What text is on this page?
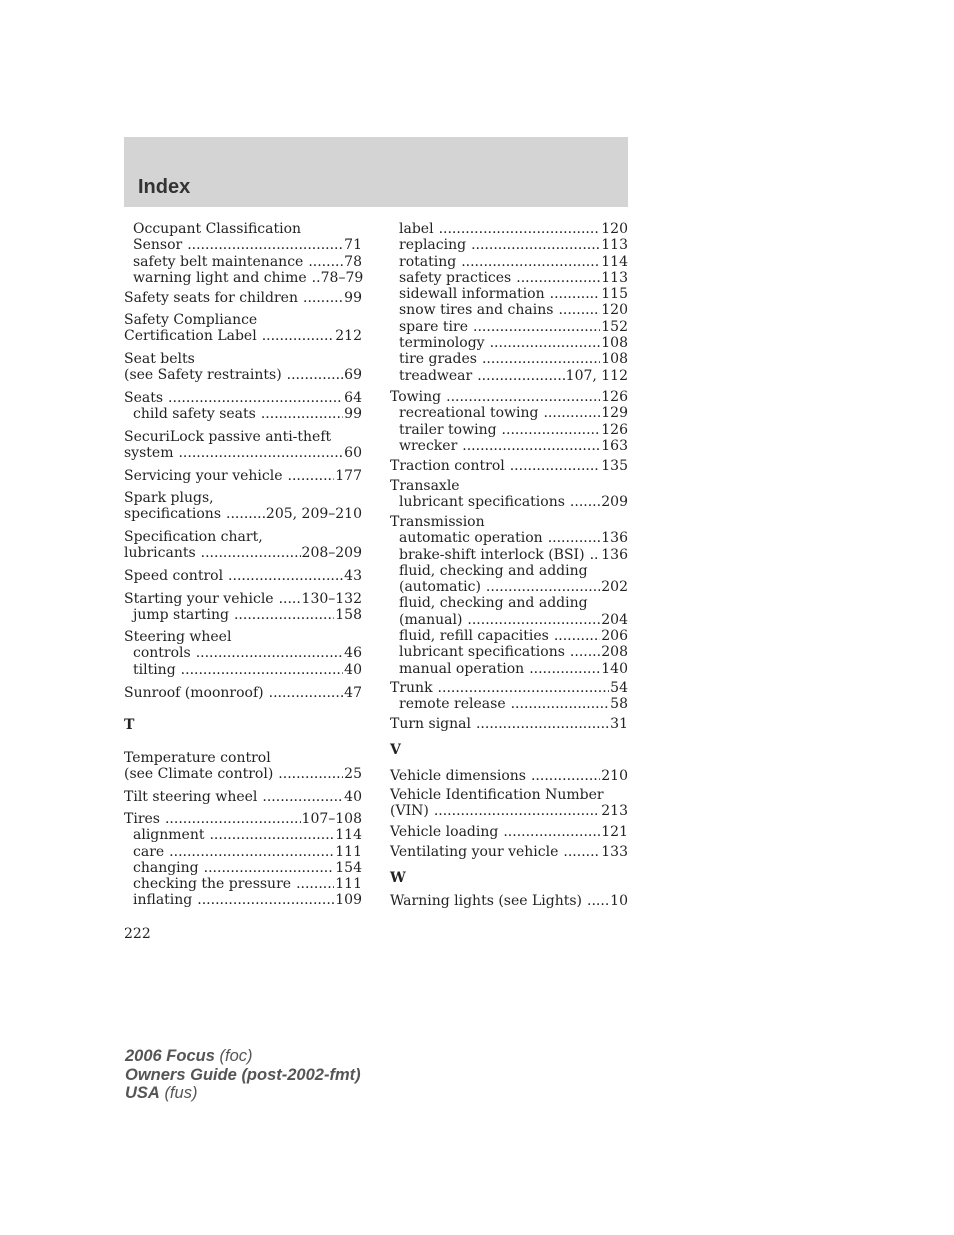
Index
Occupant Classification
Sensor .....	71
safety belt maintenance .....	78
warning light and chime ..... 78–79
Safety seats for children .....	99
Safety Compliance
Certification Label .....	212
Seat belts
(see Safety restraints) .....	69
Seats .....	64
child safety seats .....	99
SecuriLock passive anti-theft
system .....	60
Servicing your vehicle .....	177
Spark plugs,
specifications .....	205, 209–210
Specification chart,
lubricants .....	208–209
Speed control .....	43
Starting your vehicle ..... 130–132
jump starting .....	158
Steering wheel
controls .....	46
tilting .....	40
Sunroof (moonroof) .....	47
T
Temperature control
(see Climate control) .....	25
Tilt steering wheel .....	40
Tires .....	107–108
alignment .....	114
care .....	111
changing .....	154
checking the pressure .....	111
inflating .....	109
label .....	120
replacing .....	113
rotating .....	114
safety practices .....	113
sidewall information .....	115
snow tires and chains .....	120
spare tire .....	152
terminology .....	108
tire grades .....	108
treadwear .....	107, 112
Towing .....	126
recreational towing .....	129
trailer towing .....	126
wrecker .....	163
Traction control .....	135
Transaxle
lubricant specifications .....	209
Transmission
automatic operation .....	136
brake-shift interlock (BSI) ..... 136
fluid, checking and adding
(automatic) .....	202
fluid, checking and adding
(manual) .....	204
fluid, refill capacities .....	206
lubricant specifications .....	208
manual operation .....	140
Trunk .....	54
remote release .....	58
Turn signal .....	31
V
Vehicle dimensions .....	210
Vehicle Identification Number
(VIN) .....	213
Vehicle loading .....	121
Ventilating your vehicle .....	133
W
Warning lights (see Lights) ..... 10

222

2006 Focus (foc)
Owners Guide (post-2002-fmt)
USA (fus)
